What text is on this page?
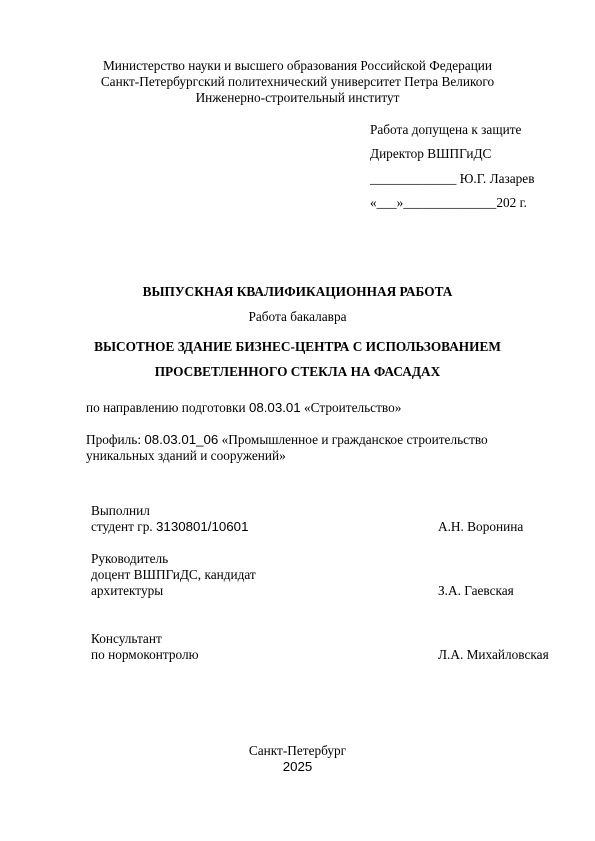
Министерство науки и высшего образования Российской Федерации
Санкт-Петербургский политехнический университет Петра Великого
Инженерно-строительный институт
Работа допущена к защите
Директор ВШПГиДС
_____________ Ю.Г. Лазарев
«___»______________202 г.
ВЫПУСКНАЯ КВАЛИФИКАЦИОННАЯ РАБОТА
Работа бакалавра
ВЫСОТНОЕ ЗДАНИЕ БИЗНЕС-ЦЕНТРА С ИСПОЛЬЗОВАНИЕМ
ПРОСВЕТЛЕННОГО СТЕКЛА НА ФАСАДАХ
по направлению подготовки 08.03.01 «Строительство»
Профиль: 08.03.01_06 «Промышленное и гражданское строительство
уникальных зданий и сооружений»
Выполнил
студент гр. 3130801/10601	А.Н. Воронина
Руководитель
доцент ВШПГиДС, кандидат
архитектуры	З.А. Гаевская
Консультант
по нормоконтролю	Л.А. Михайловская
Санкт-Петербург
2025
